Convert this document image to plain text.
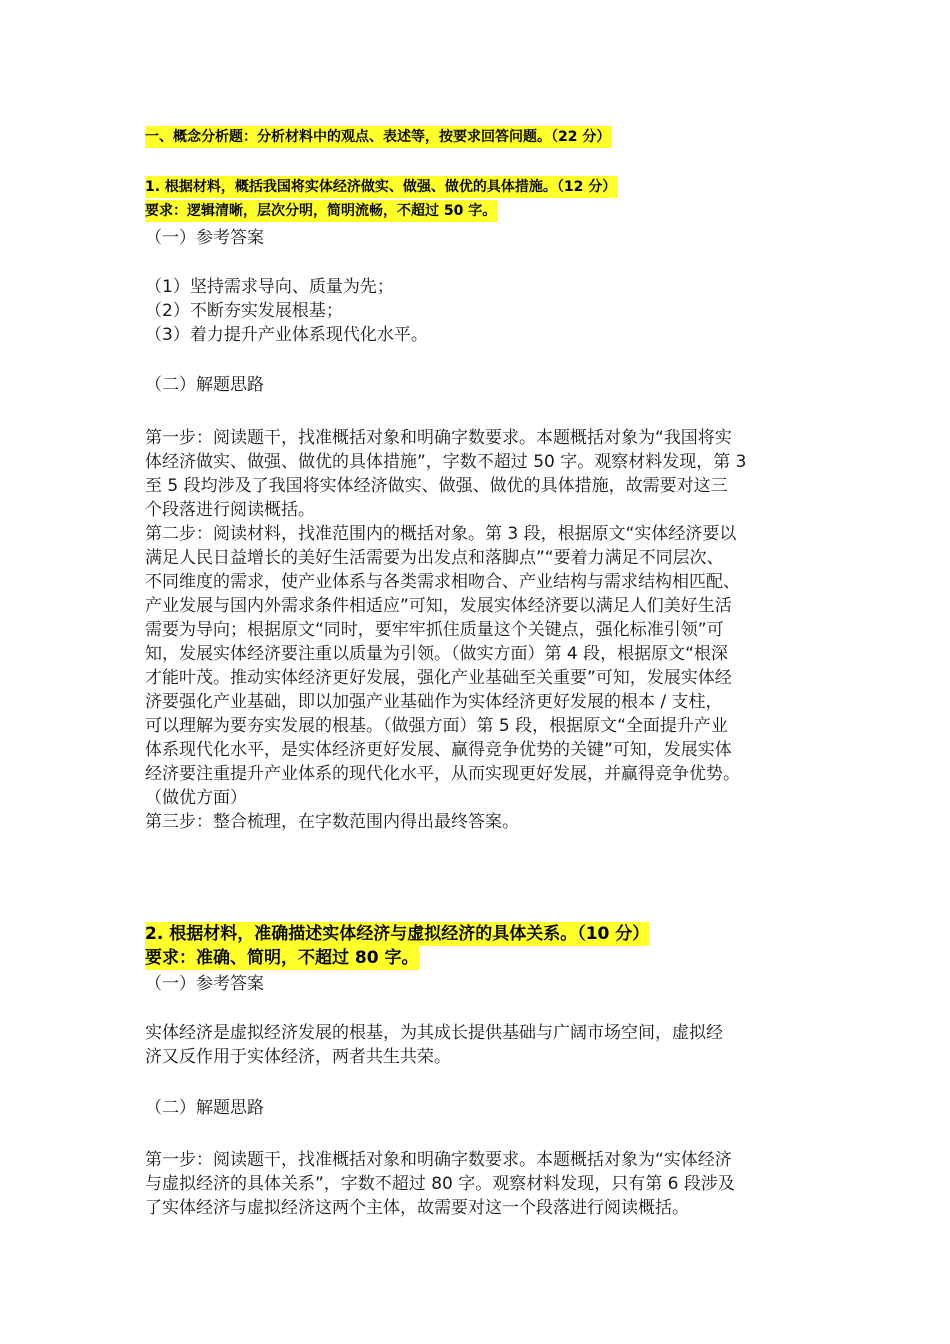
一、概念分析题：分析材料中的观点、表述等，按要求回答问题。（22 分）
1. 根据材料，概括我国将实体经济做实、做强、做优的具体措施。（12 分）
要求：逻辑清晰，层次分明，简明流畅，不超过 50 字。
（一）参考答案
（1）坚持需求导向、质量为先；
（2）不断夯实发展根基；
（3）着力提升产业体系现代化水平。
（二）解题思路
第一步：阅读题干，找准概括对象和明确字数要求。本题概括对象为“我国将实
体经济做实、做强、做优的具体措施”，字数不超过 50 字。观察材料发现，第 3
至 5 段均涉及了我国将实体经济做实、做强、做优的具体措施，故需要对这三
个段落进行阅读概括。
第二步：阅读材料，找准范围内的概括对象。第 3 段，根据原文“实体经济要以
满足人民日益增长的美好生活需要为出发点和落脚点”“要着力满足不同层次、
不同维度的需求，使产业体系与各类需求相吻合、产业结构与需求结构相匹配、
产业发展与国内外需求条件相适应”可知，发展实体经济要以满足人们美好生活
需要为导向；根据原文“同时，要牢牢抓住质量这个关键点，强化标准引领”可
知，发展实体经济要注重以质量为引领。（做实方面）第 4 段，根据原文“根深
才能叶茂。推动实体经济更好发展，强化产业基础至关重要”可知，发展实体经
济要强化产业基础，即以加强产业基础作为实体经济更好发展的根本 / 支柱，
可以理解为要夯实发展的根基。（做强方面）第 5 段，根据原文“全面提升产业
体系现代化水平，是实体经济更好发展、赢得竞争优势的关键”可知，发展实体
经济要注重提升产业体系的现代化水平，从而实现更好发展，并赢得竞争优势。
（做优方面）
第三步：整合梳理，在字数范围内得出最终答案。
2. 根据材料，准确描述实体经济与虚拟经济的具体关系。（10 分）
要求：准确、简明，不超过 80 字。
（一）参考答案
实体经济是虚拟经济发展的根基，为其成长提供基础与广阔市场空间，虚拟经
济又反作用于实体经济，两者共生共荣。
（二）解题思路
第一步：阅读题干，找准概括对象和明确字数要求。本题概括对象为“实体经济
与虚拟经济的具体关系”，字数不超过 80 字。观察材料发现，只有第 6 段涉及
了实体经济与虚拟经济这两个主体，故需要对这一个段落进行阅读概括。
